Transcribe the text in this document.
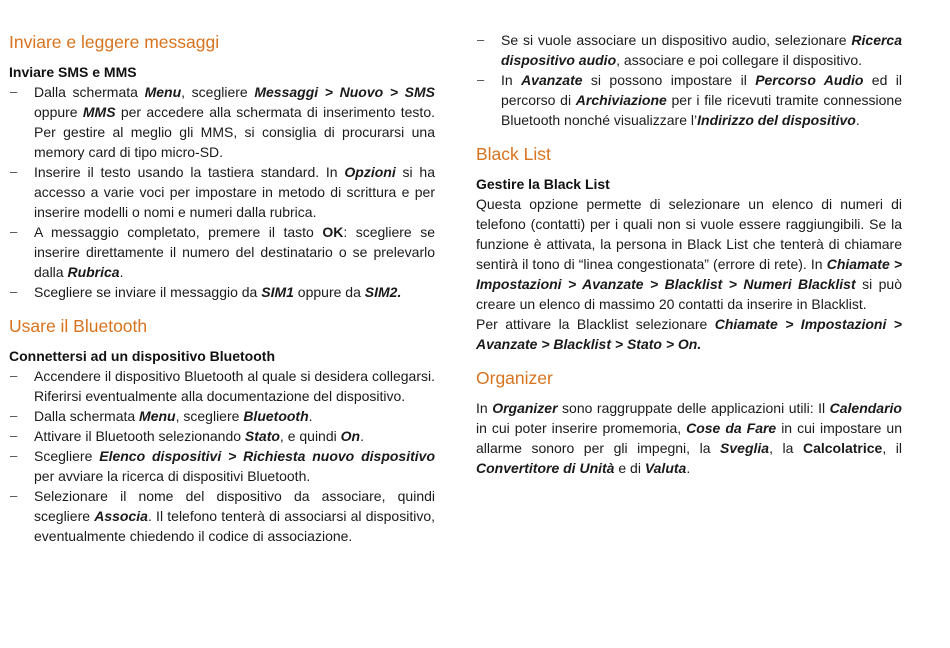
Inviare e leggere messaggi
Inviare SMS e MMS
– Dalla schermata Menu, scegliere Messaggi > Nuovo > SMS oppure MMS per accedere alla schermata di inserimento testo. Per gestire al meglio gli MMS, si consiglia di procurarsi una memory card di tipo micro-SD.
– Inserire il testo usando la tastiera standard. In Opzioni si ha accesso a varie voci per impostare in metodo di scrittura e per inserire modelli o nomi e numeri dalla rubrica.
– A messaggio completato, premere il tasto OK: scegliere se inserire direttamente il numero del destinatario o se prelevarlo dalla Rubrica.
– Scegliere se inviare il messaggio da SIM1 oppure da SIM2.
Usare il Bluetooth
Connettersi ad un dispositivo Bluetooth
– Accendere il dispositivo Bluetooth al quale si desidera collegarsi. Riferirsi eventualmente alla documentazione del dispositivo.
– Dalla schermata Menu, scegliere Bluetooth.
– Attivare il Bluetooth selezionando Stato, e quindi On.
– Scegliere Elenco dispositivi > Richiesta nuovo dispositivo per avviare la ricerca di dispositivi Bluetooth.
– Selezionare il nome del dispositivo da associare, quindi scegliere Associa. Il telefono tenterà di associarsi al dispositivo, eventualmente chiedendo il codice di associazione.
– Se si vuole associare un dispositivo audio, selezionare Ricerca dispositivo audio, associare e poi collegare il dispositivo.
– In Avanzate si possono impostare il Percorso Audio ed il percorso di Archiviazione per i file ricevuti tramite connessione Bluetooth nonché visualizzare l’Indirizzo del dispositivo.
Black List
Gestire la Black List

Questa opzione permette di selezionare un elenco di numeri di telefono (contatti) per i quali non si vuole essere raggiungibili. Se la funzione è attivata, la persona in Black List che tenterà di chiamare sentirà il tono di “linea congestionata” (errore di rete). In Chiamate > Impostazioni > Avanzate > Blacklist > Numeri Blacklist si può creare un elenco di massimo 20 contatti da inserire in Blacklist.

Per attivare la Blacklist selezionare Chiamate > Impostazioni > Avanzate > Blacklist > Stato > On.

Organizer

In Organizer sono raggruppate delle applicazioni utili: Il Calendario in cui poter inserire promemoria, Cose da Fare in cui impostare un allarme sonoro per gli impegni, la Sveglia, la Calcolatrice, il Convertitore di Unità e di Valuta.
